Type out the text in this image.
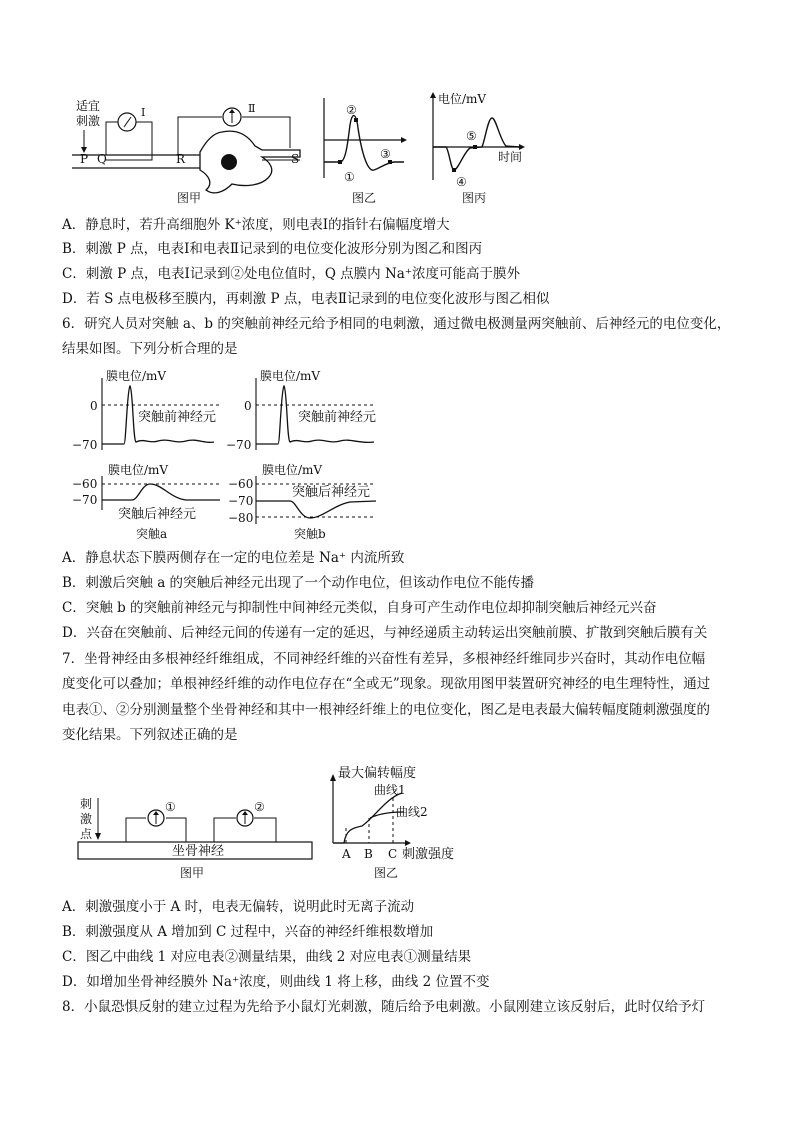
适宜
刺激
Ⅰ
P Q
Ⅱ
R	S
图甲
①
②
③
图乙
电位/mV
时间
④
⑤
图丙
A．静息时，若升高细胞外 K⁺浓度，则电表Ⅰ的指针右偏幅度增大
B．刺激 P 点，电表Ⅰ和电表Ⅱ记录到的电位变化波形分别为图乙和图丙
C．刺激 P 点，电表Ⅰ记录到②处电位值时，Q 点膜内 Na⁺浓度可能高于膜外
D．若 S 点电极移至膜内，再刺激 P 点，电表Ⅱ记录到的电位变化波形与图乙相似
6．研究人员对突触 a、b 的突触前神经元给予相同的电刺激，通过微电极测量两突触前、后神经元的电位变化，
结果如图。下列分析合理的是
膜电位/mV
0
−70
突触前神经元
膜电位/mV
0
−70
突触前神经元
膜电位/mV
−60
−70
突触后神经元
突触a
膜电位/mV
−60
−70
−80
突触后神经元
突触b
A．静息状态下膜两侧存在一定的电位差是 Na⁺ 内流所致
B．刺激后突触 a 的突触后神经元出现了一个动作电位，但该动作电位不能传播
C．突触 b 的突触前神经元与抑制性中间神经元类似，自身可产生动作电位却抑制突触后神经元兴奋
D．兴奋在突触前、后神经元间的传递有一定的延迟，与神经递质主动转运出突触前膜、扩散到突触后膜有关
7．坐骨神经由多根神经纤维组成，不同神经纤维的兴奋性有差异，多根神经纤维同步兴奋时，其动作电位幅
度变化可以叠加；单根神经纤维的动作电位存在“全或无”现象。现欲用图甲装置研究神经的电生理特性，通过
电表①、②分别测量整个坐骨神经和其中一根神经纤维上的电位变化，图乙是电表最大偏转幅度随刺激强度的
变化结果。下列叙述正确的是
刺
激
点
坐骨神经
①	②
图甲
最大偏转幅度
曲线1
曲线2
A B C 刺激强度
图乙
A．刺激强度小于 A 时，电表无偏转，说明此时无离子流动
B．刺激强度从 A 增加到 C 过程中，兴奋的神经纤维根数增加
C．图乙中曲线 1 对应电表②测量结果，曲线 2 对应电表①测量结果
D．如增加坐骨神经膜外 Na⁺浓度，则曲线 1 将上移，曲线 2 位置不变
8．小鼠恐惧反射的建立过程为先给予小鼠灯光刺激，随后给予电刺激。小鼠刚建立该反射后，此时仅给予灯
